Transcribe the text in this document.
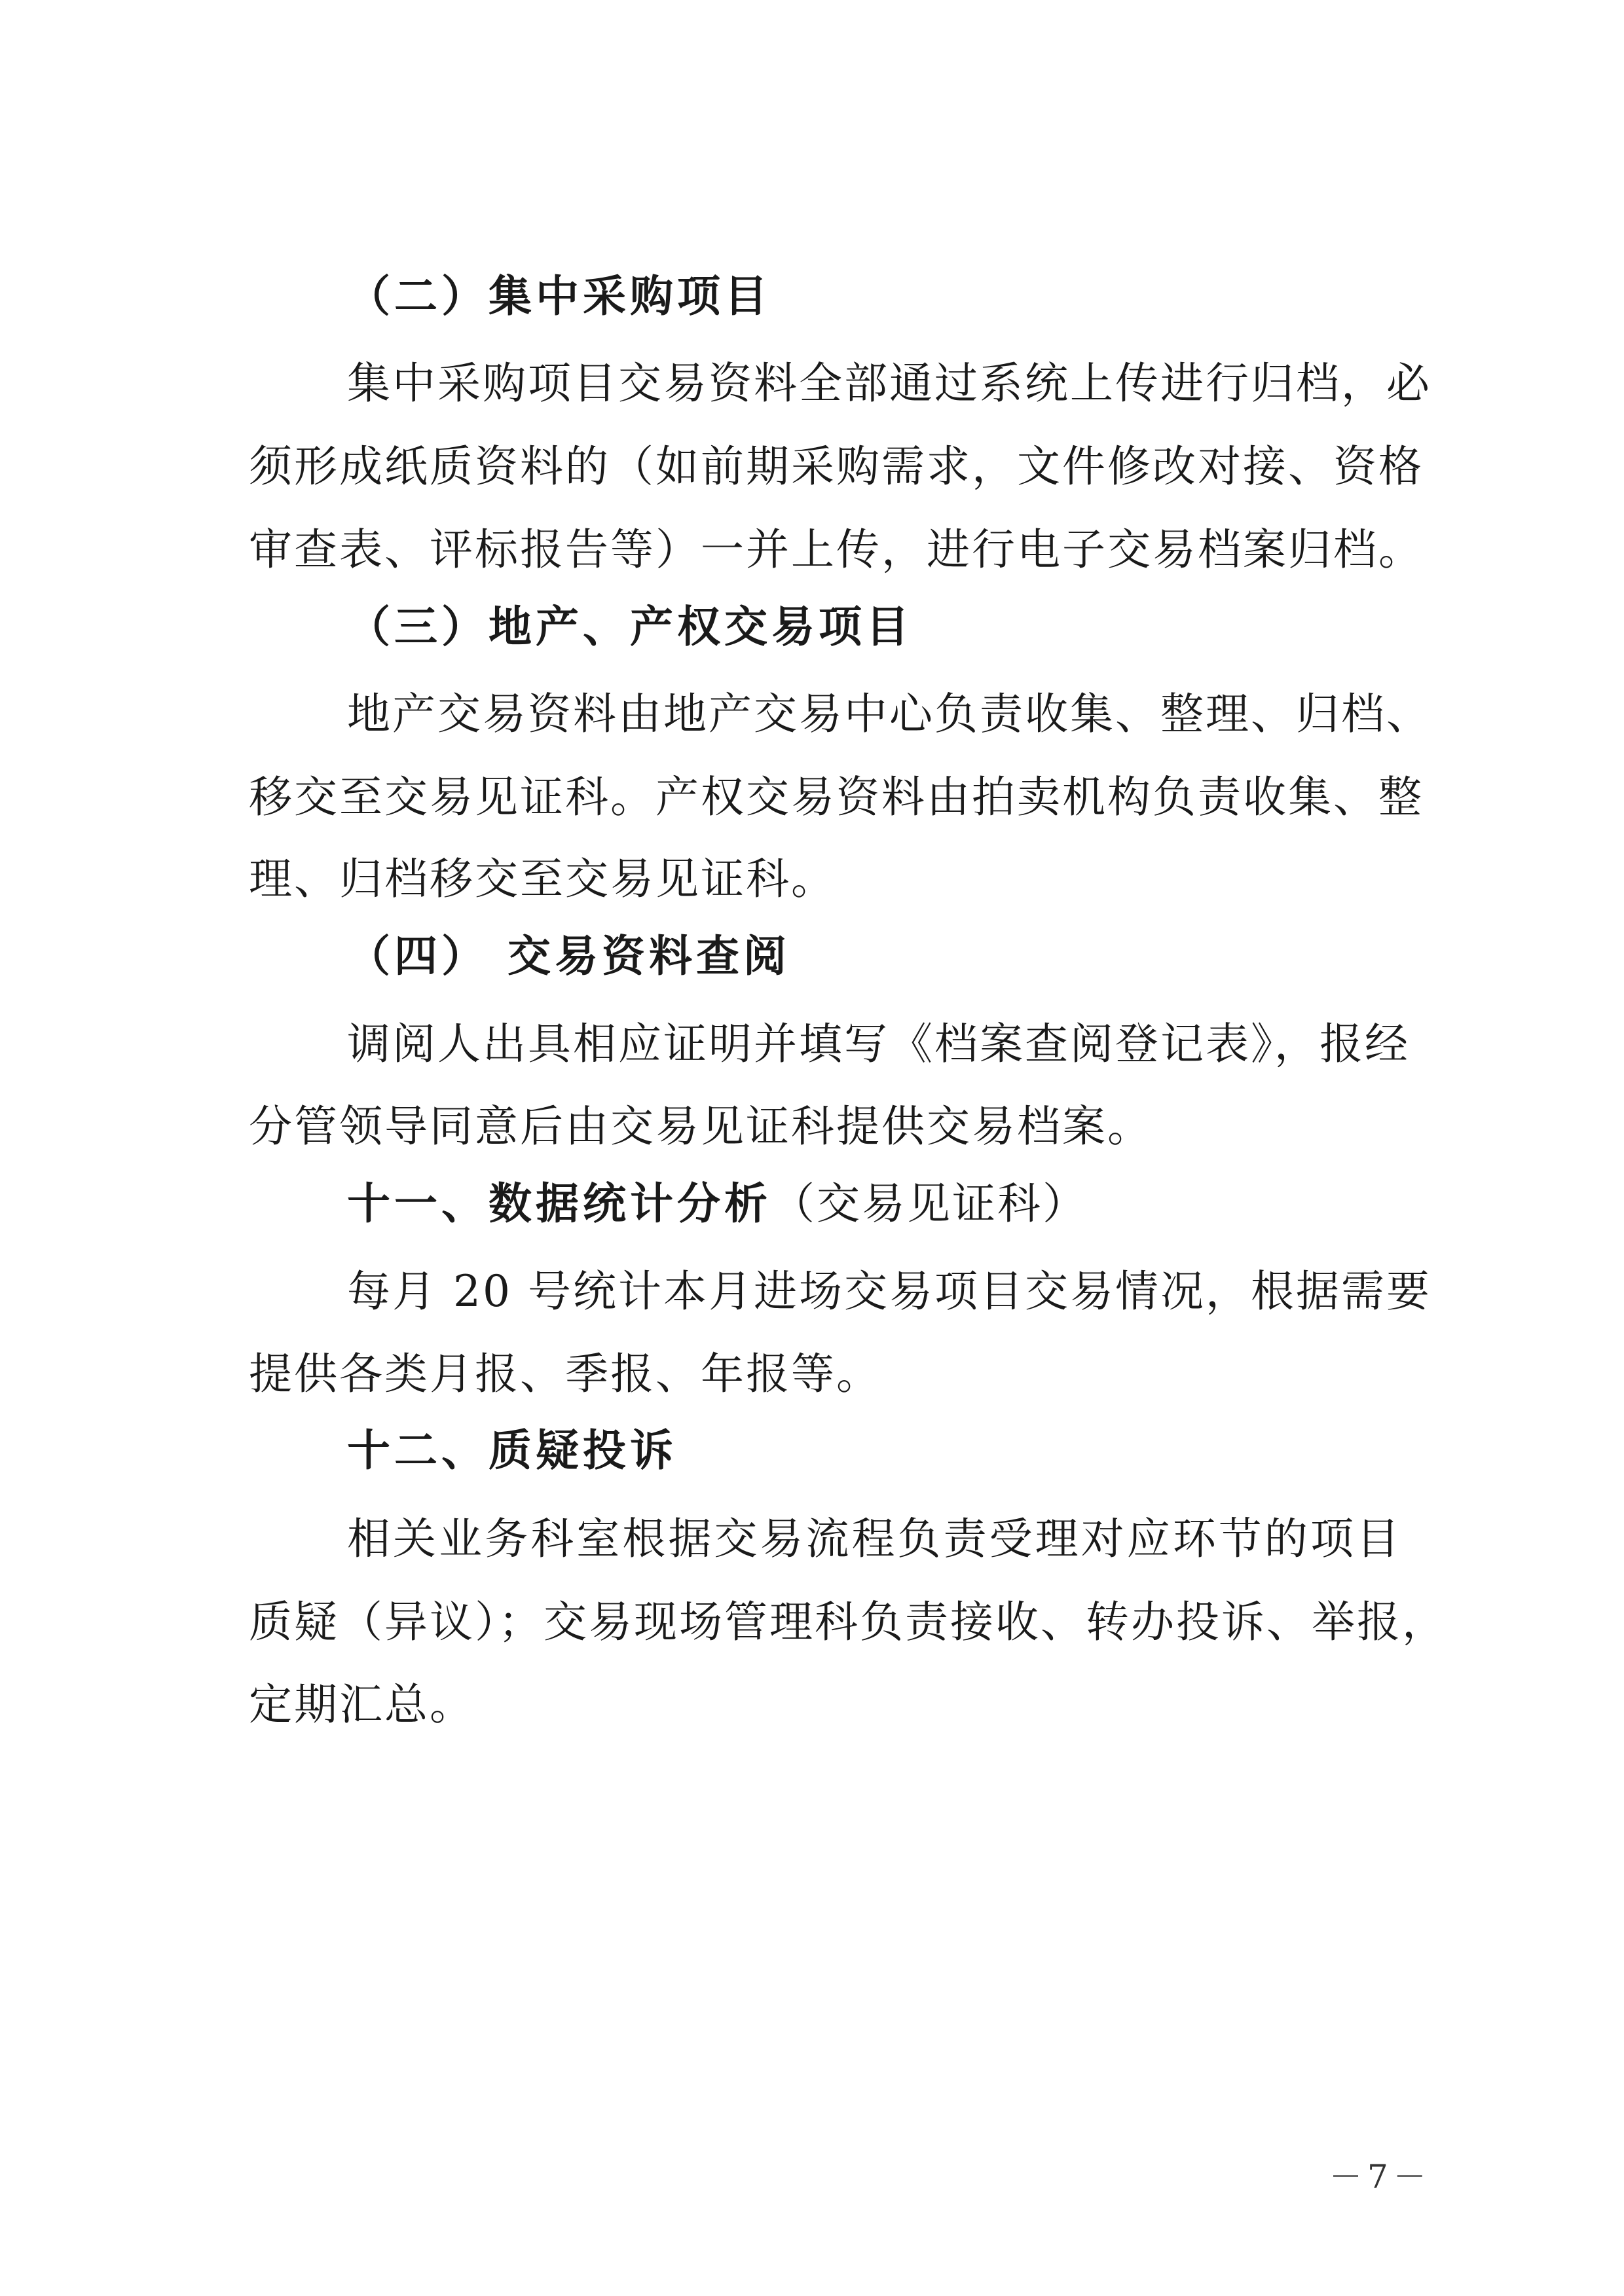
（二）集中采购项目
集中采购项目交易资料全部通过系统上传进行归档，必
须形成纸质资料的（如前期采购需求，文件修改对接、资格
审查表、评标报告等）一并上传，进行电子交易档案归档。
（三）地产、产权交易项目
地产交易资料由地产交易中心负责收集、整理、归档、
移交至交易见证科。产权交易资料由拍卖机构负责收集、整
理、归档移交至交易见证科。
（四） 交易资料查阅
调阅人出具相应证明并填写《档案查阅登记表》，报经
分管领导同意后由交易见证科提供交易档案。
十一、数据统计分析（交易见证科）
每月 20 号统计本月进场交易项目交易情况，根据需要
提供各类月报、季报、年报等。
十二、质疑投诉
相关业务科室根据交易流程负责受理对应环节的项目
质疑（异议）；交易现场管理科负责接收、转办投诉、举报，
定期汇总。
－7－
